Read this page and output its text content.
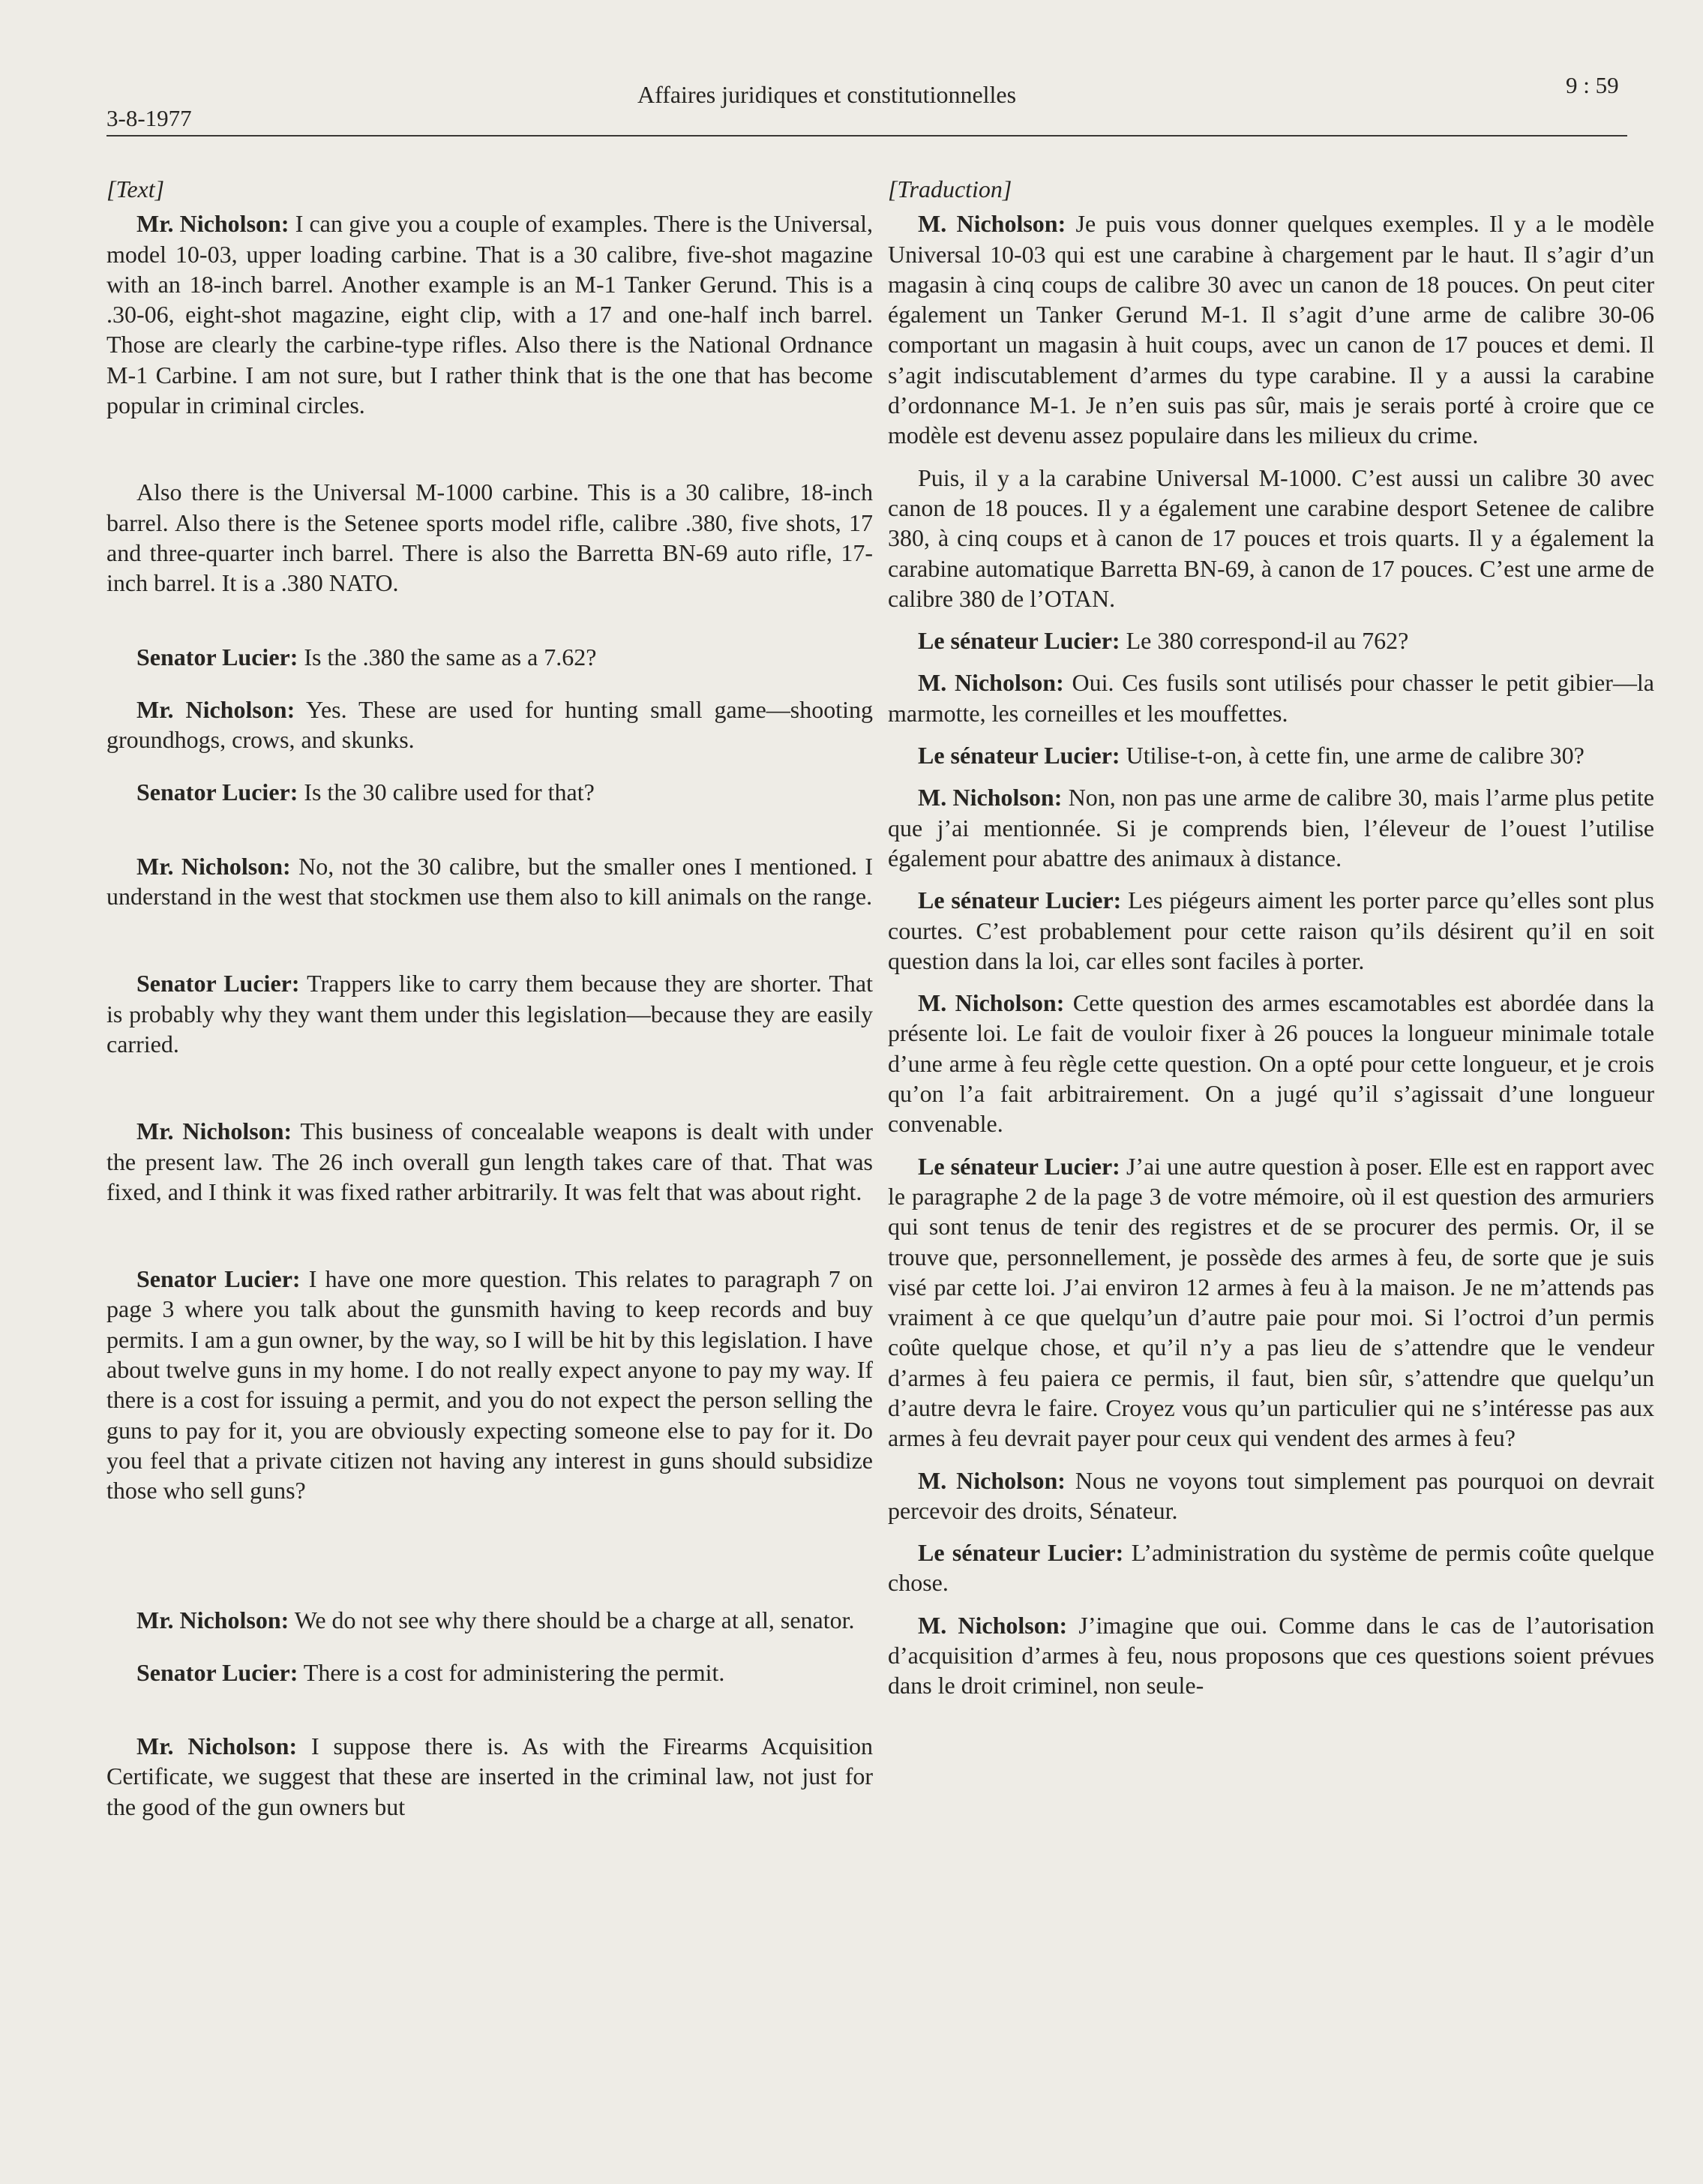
3-8-1977
Affaires juridiques et constitutionnelles	9 : 59
[Text]

Mr. Nicholson: I can give you a couple of examples. There is the Universal, model 10-03, upper loading carbine. That is a 30 calibre, five-shot magazine with an 18-inch barrel. Another example is an M-1 Tanker Gerund. This is a .30-06, eight-shot magazine, eight clip, with a 17 and one-half inch barrel. Those are clearly the carbine-type rifles. Also there is the National Ordnance M-1 Carbine. I am not sure, but I rather think that is the one that has become popular in criminal circles.

Also there is the Universal M-1000 carbine. This is a 30 calibre, 18-inch barrel. Also there is the Setenee sports model rifle, calibre .380, five shots, 17 and three-quarter inch barrel. There is also the Barretta BN-69 auto rifle, 17-inch barrel. It is a .380 NATO.

Senator Lucier: Is the .380 the same as a 7.62?

Mr. Nicholson: Yes. These are used for hunting small game—shooting groundhogs, crows, and skunks.

Senator Lucier: Is the 30 calibre used for that?

Mr. Nicholson: No, not the 30 calibre, but the smaller ones I mentioned. I understand in the west that stockmen use them also to kill animals on the range.

Senator Lucier: Trappers like to carry them because they are shorter. That is probably why they want them under this legislation—because they are easily carried.

Mr. Nicholson: This business of concealable weapons is dealt with under the present law. The 26 inch overall gun length takes care of that. That was fixed, and I think it was fixed rather arbitrarily. It was felt that was about right.

Senator Lucier: I have one more question. This relates to paragraph 7 on page 3 where you talk about the gunsmith having to keep records and buy permits. I am a gun owner, by the way, so I will be hit by this legislation. I have about twelve guns in my home. I do not really expect anyone to pay my way. If there is a cost for issuing a permit, and you do not expect the person selling the guns to pay for it, you are obviously expecting someone else to pay for it. Do you feel that a private citizen not having any interest in guns should subsidize those who sell guns?

Mr. Nicholson: We do not see why there should be a charge at all, senator.

Senator Lucier: There is a cost for administering the permit.

Mr. Nicholson: I suppose there is. As with the Firearms Acquisition Certificate, we suggest that these are inserted in the criminal law, not just for the good of the gun owners but

[Traduction]

M. Nicholson: Je puis vous donner quelques exemples. Il y a le modèle Universal 10-03 qui est une carabine à chargement par le haut. Il s’agir d’un magasin à cinq coups de calibre 30 avec un canon de 18 pouces. On peut citer également un Tanker Gerund M-1. Il s’agit d’une arme de calibre 30-06 comportant un magasin à huit coups, avec un canon de 17 pouces et demi. Il s’agit indiscutablement d’armes du type carabine. Il y a aussi la carabine d’ordonnance M-1. Je n’en suis pas sûr, mais je serais porté à croire que ce modèle est devenu assez populaire dans les milieux du crime.

Puis, il y a la carabine Universal M-1000. C’est aussi un calibre 30 avec canon de 18 pouces. Il y a également une carabine desport Setenee de calibre 380, à cinq coups et à canon de 17 pouces et trois quarts. Il y a également la carabine automatique Barretta BN-69, à canon de 17 pouces. C’est une arme de calibre 380 de l’OTAN.

Le sénateur Lucier: Le 380 correspond-il au 762?

M. Nicholson: Oui. Ces fusils sont utilisés pour chasser le petit gibier—la marmotte, les corneilles et les mouffettes.

Le sénateur Lucier: Utilise-t-on, à cette fin, une arme de calibre 30?

M. Nicholson: Non, non pas une arme de calibre 30, mais l’arme plus petite que j’ai mentionnée. Si je comprends bien, l’éleveur de l’ouest l’utilise également pour abattre des animaux à distance.

Le sénateur Lucier: Les piégeurs aiment les porter parce qu’elles sont plus courtes. C’est probablement pour cette raison qu’ils désirent qu’il en soit question dans la loi, car elles sont faciles à porter.

M. Nicholson: Cette question des armes escamotables est abordée dans la présente loi. Le fait de vouloir fixer à 26 pouces la longueur minimale totale d’une arme à feu règle cette question. On a opté pour cette longueur, et je crois qu’on l’a fait arbitrairement. On a jugé qu’il s’agissait d’une longueur convenable.

Le sénateur Lucier: J’ai une autre question à poser. Elle est en rapport avec le paragraphe 2 de la page 3 de votre mémoire, où il est question des armuriers qui sont tenus de tenir des registres et de se procurer des permis. Or, il se trouve que, personnellement, je possède des armes à feu, de sorte que je suis visé par cette loi. J’ai environ 12 armes à feu à la maison. Je ne m’attends pas vraiment à ce que quelqu’un d’autre paie pour moi. Si l’octroi d’un permis coûte quelque chose, et qu’il n’y a pas lieu de s’attendre que le vendeur d’armes à feu paiera ce permis, il faut, bien sûr, s’attendre que quelqu’un d’autre devra le faire. Croyez vous qu’un particulier qui ne s’intéresse pas aux armes à feu devrait payer pour ceux qui vendent des armes à feu?

M. Nicholson: Nous ne voyons tout simplement pas pourquoi on devrait percevoir des droits, Sénateur.

Le sénateur Lucier: L’administration du système de permis coûte quelque chose.

M. Nicholson: J’imagine que oui. Comme dans le cas de l’autorisation d’acquisition d’armes à feu, nous proposons que ces questions soient prévues dans le droit criminel, non seule-
